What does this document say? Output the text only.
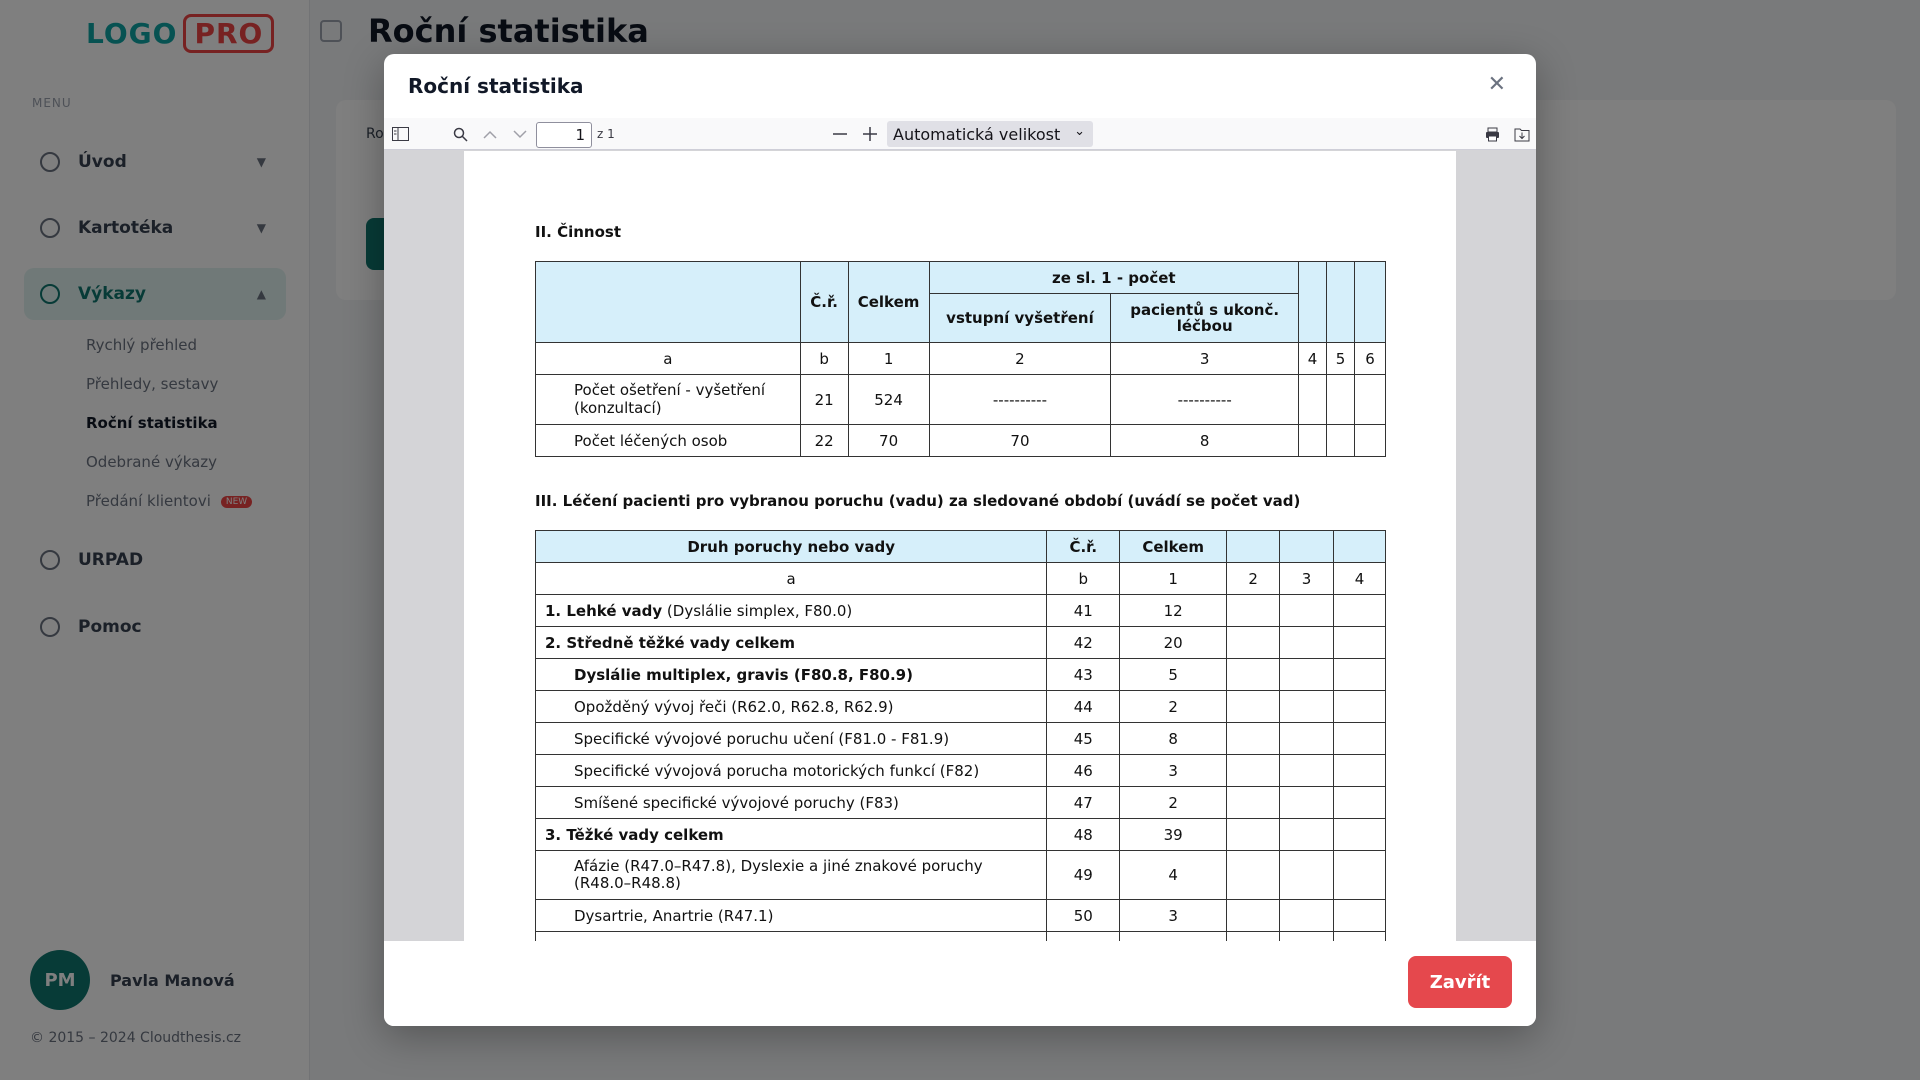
Roční statistika	✕
1
z 1	Automatická velikost ⌄
II. Činnost
	Č.ř.	Celkem	ze sl. 1 - počet				
			vstupní vyšetření	pacientů s ukonč. léčbou			
a	b	1	2	3	4	5	6
Počet ošetření - vyšetření (konzultací)	21	524	----------	----------			
Počet léčených osob	22	70	70	8			
III. Léčení pacienti pro vybranou poruchu (vadu) za sledované období (uvádí se počet vad)
Druh poruchy nebo vady	Č.ř.	Celkem			
a	b	1	2	3	4
1. Lehké vady (Dyslálie simplex, F80.0)	41	12			
2. Středně těžké vady celkem	42	20			
Dyslálie multiplex, gravis (F80.8, F80.9)	43	5			
Opožděný vývoj řeči (R62.0, R62.8, R62.9)	44	2			
Specifické vývojové poruchu učení (F81.0 - F81.9)	45	8			
Specifické vývojová porucha motorických funkcí (F82)	46	3			
Smíšené specifické vývojové poruchy (F83)	47	2			
3. Těžké vady celkem	48	39			
Afázie (R47.0–R47.8), Dyslexie a jiné znakové poruchy (R48.0–R48.8)	49	4			
Dysartrie, Anartrie (R47.1)	50	3			

Zavřít
